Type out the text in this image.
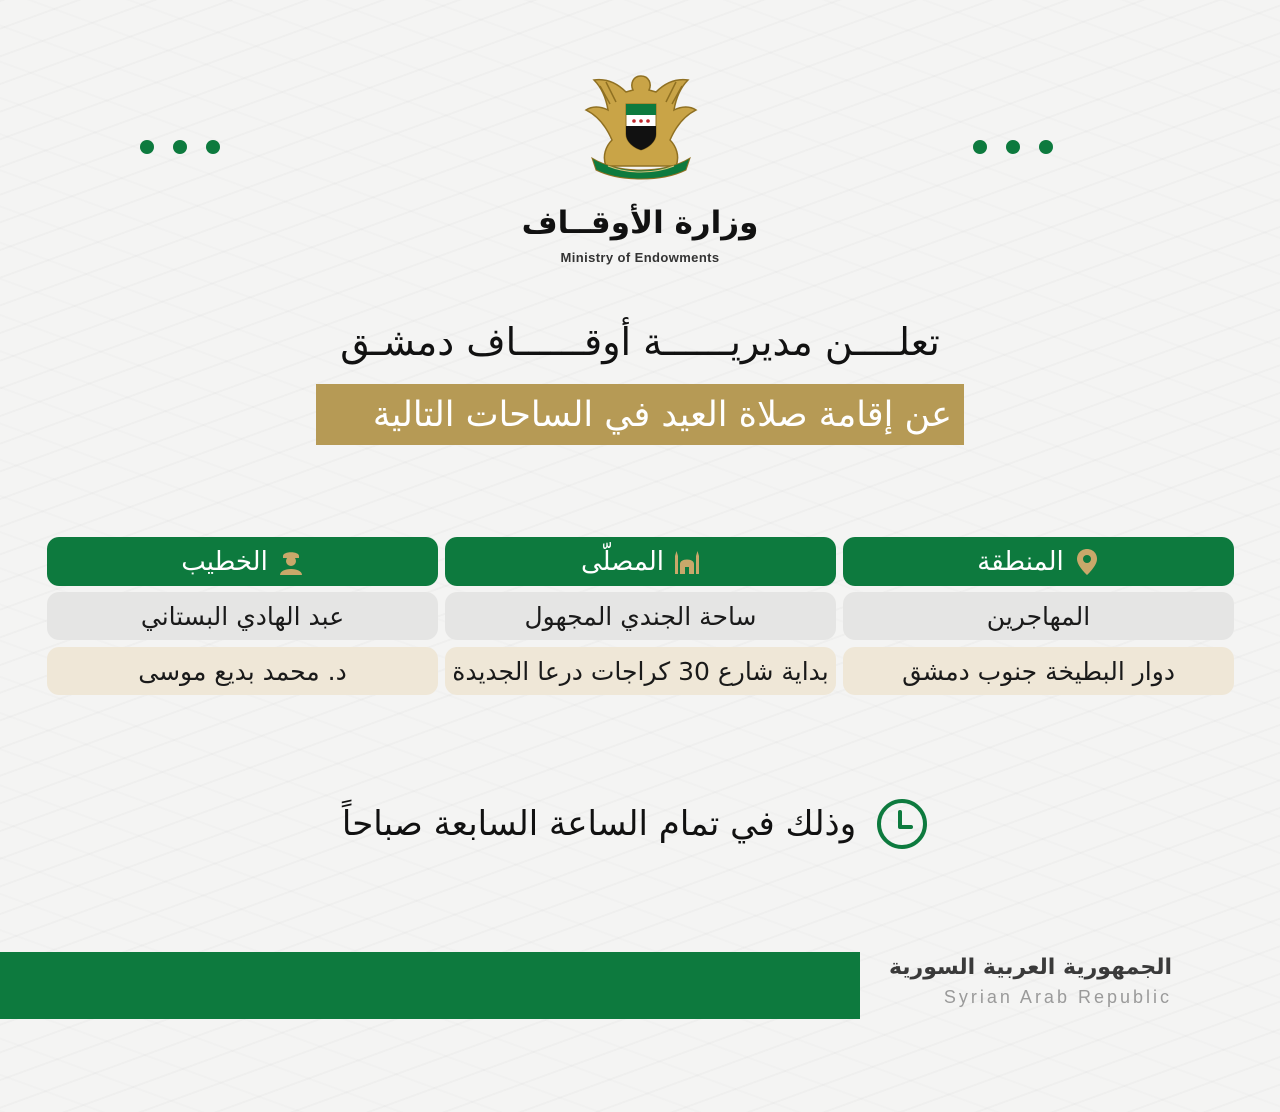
وزارة الأوقــاف
Ministry of Endowments
تعلــــن مديريــــــة أوقــــــاف دمشـق
عن إقامة صلاة العيد في الساحات التالية
المنطقة
المهاجرين
دوار البطيخة جنوب دمشق
المصلّى
ساحة الجندي المجهول
بداية شارع 30 كراجات درعا الجديدة
الخطيب
عبد الهادي البستاني
د. محمد بديع موسى
وذلك في تمام الساعة السابعة صباحاً
الجمهورية العربية السورية
Syrian Arab Republic
